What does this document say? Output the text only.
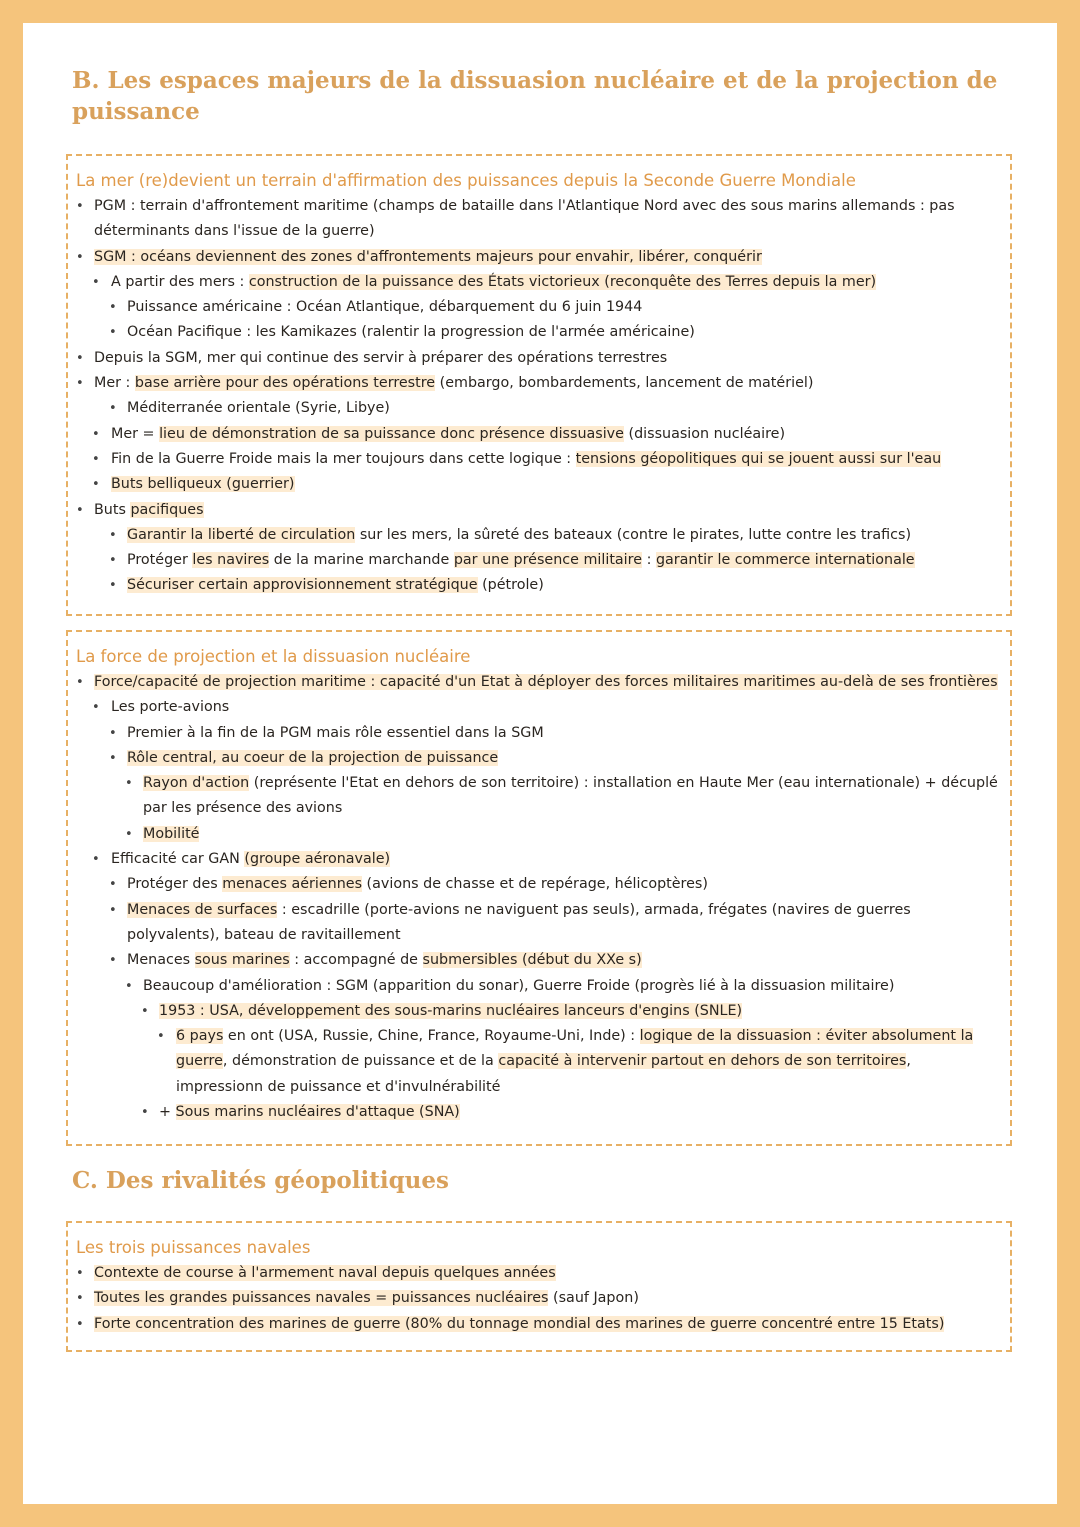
B. Les espaces majeurs de la dissuasion nucléaire et de la projection de puissance
La mer (re)devient un terrain d'affirmation des puissances depuis la Seconde Guerre Mondiale
• PGM : terrain d'affrontement maritime (champs de bataille dans l'Atlantique Nord avec des sous marins allemands : pas déterminants dans l'issue de la guerre)
• SGM : océans deviennent des zones d'affrontements majeurs pour envahir, libérer, conquérir
• A partir des mers : construction de la puissance des États victorieux (reconquête des Terres depuis la mer)
• Puissance américaine : Océan Atlantique, débarquement du 6 juin 1944
• Océan Pacifique : les Kamikazes (ralentir la progression de l'armée américaine)
• Depuis la SGM, mer qui continue des servir à préparer des opérations terrestres
• Mer : base arrière pour des opérations terrestre (embargo, bombardements, lancement de matériel)
• Méditerranée orientale (Syrie, Libye)
• Mer = lieu de démonstration de sa puissance donc présence dissuasive (dissuasion nucléaire)
• Fin de la Guerre Froide mais la mer toujours dans cette logique : tensions géopolitiques qui se jouent aussi sur l'eau
• Buts belliqueux (guerrier)
• Buts pacifiques
• Garantir la liberté de circulation sur les mers, la sûreté des bateaux (contre le pirates, lutte contre les trafics)
• Protéger les navires de la marine marchande par une présence militaire : garantir le commerce internationale
• Sécuriser certain approvisionnement stratégique (pétrole)
La force de projection et la dissuasion nucléaire
• Force/capacité de projection maritime : capacité d'un Etat à déployer des forces militaires maritimes au-delà de ses frontières
• Les porte-avions
• Premier à la fin de la PGM mais rôle essentiel dans la SGM
• Rôle central, au coeur de la projection de puissance
• Rayon d'action (représente l'Etat en dehors de son territoire) : installation en Haute Mer (eau internationale) + décuplé par les présence des avions
• Mobilité
• Efficacité car GAN (groupe aéronavale)
• Protéger des menaces aériennes (avions de chasse et de repérage, hélicoptères)
• Menaces de surfaces : escadrille (porte-avions ne naviguent pas seuls), armada, frégates (navires de guerres polyvalents), bateau de ravitaillement
• Menaces sous marines : accompagné de submersibles (début du XXe s)
• Beaucoup d'amélioration : SGM (apparition du sonar), Guerre Froide (progrès lié à la dissuasion militaire)
• 1953 : USA, développement des sous-marins nucléaires lanceurs d'engins (SNLE)
• 6 pays en ont (USA, Russie, Chine, France, Royaume-Uni, Inde) : logique de la dissuasion : éviter absolument la guerre, démonstration de puissance et de la capacité à intervenir partout en dehors de son territoires, impressionn de puissance et d'invulnérabilité
• + Sous marins nucléaires d'attaque (SNA)
C. Des rivalités géopolitiques
Les trois puissances navales
• Contexte de course à l'armement naval depuis quelques années
• Toutes les grandes puissances navales = puissances nucléaires (sauf Japon)
• Forte concentration des marines de guerre (80% du tonnage mondial des marines de guerre concentré entre 15 Etats)
